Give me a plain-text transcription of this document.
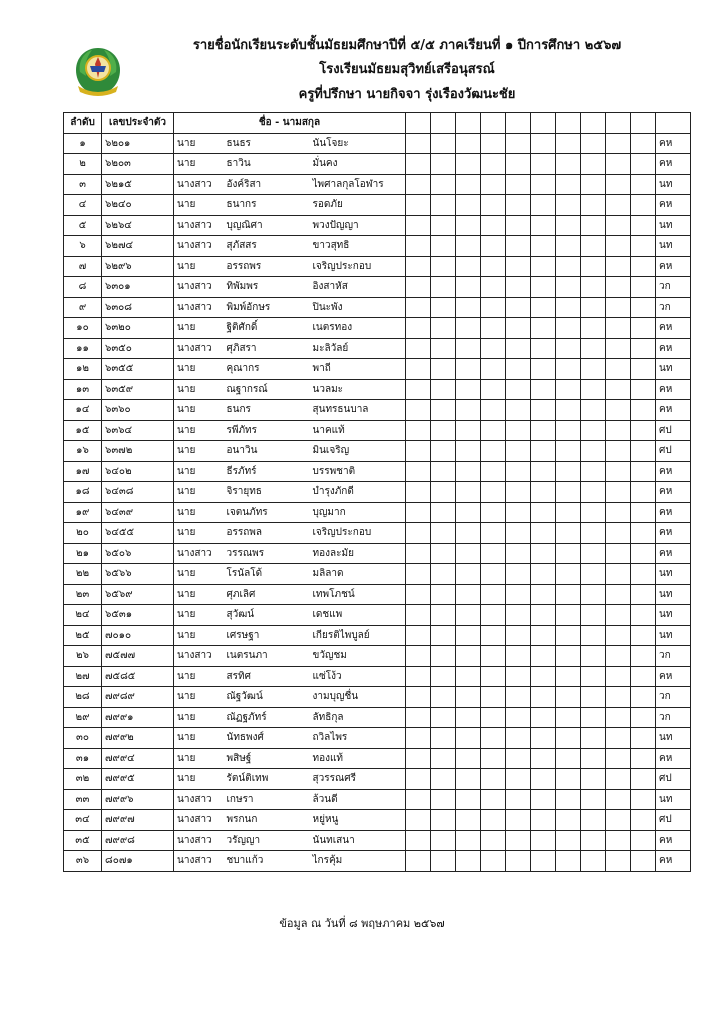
รายชื่อนักเรียนระดับชั้นมัธยมศึกษาปีที่ ๕/๕ ภาคเรียนที่ ๑ ปีการศึกษา ๒๕๖๗
โรงเรียนมัธยมสุวิทย์เสรีอนุสรณ์
ครูที่ปรึกษา นายกิจจา รุ่งเรืองวัฒนะชัย
ลำดับ	เลขประจำตัว	ชื่อ - นามสกุล													
๑	๖๒๐๑	นาย	ธนธร	นันโจยะ											คห
๒	๖๒๐๓	นาย	ธาวิน	มั่นคง											คห
๓	๖๒๑๕	นางสาว	อังค์ริสา	ไพศาลกุลโอฬาร											นท
๔	๖๒๔๐	นาย	ธนากร	รอดภัย											คห
๕	๖๒๖๔	นางสาว	บุญณิศา	พวงปัญญา											นท
๖	๖๒๗๔	นางสาว	สุภัสสร	ขาวสุทธิ											นท
๗	๖๒๙๖	นาย	อรรถพร	เจริญประกอบ											คห
๘	๖๓๐๑	นางสาว	ทิพัมพร	อิงสาหัส											วก
๙	๖๓๐๘	นางสาว	พิมพ์อักษร	ปินะพัง											วก
๑๐	๖๓๒๐	นาย	ฐิติศักดิ์	เนตรทอง											คห
๑๑	๖๓๕๐	นางสาว	ศุภิสรา	มะลิวัลย์											คห
๑๒	๖๓๕๕	นาย	คุณากร	พาถี											นท
๑๓	๖๓๕๙	นาย	ณฐากรณ์	นวลมะ											คห
๑๔	๖๓๖๐	นาย	ธนกร	สุนทรธนบาล											คห
๑๕	๖๓๖๔	นาย	รพีภัทร	นาคแท้											ศป
๑๖	๖๓๗๒	นาย	อนาวิน	มินเจริญ											ศป
๑๗	๖๔๐๒	นาย	ธีรภัทร์	บรรพชาติ											คห
๑๘	๖๔๓๘	นาย	จิรายุทธ	บำรุงภักดี											คห
๑๙	๖๔๓๙	นาย	เจตนภัทร	บุญมาก											คห
๒๐	๖๔๕๕	นาย	อรรถพล	เจริญประกอบ											คห
๒๑	๖๕๐๖	นางสาว	วรรณพร	ทองละมัย											คห
๒๒	๖๕๖๖	นาย	โรนัลโด้	มลิลาด											นท
๒๓	๖๕๖๙	นาย	ศุภเลิศ	เทพโภชน์											นท
๒๔	๖๕๓๑	นาย	สุวัฒน์	เดชแพ											นท
๒๕	๗๐๑๐	นาย	เศรษฐา	เกียรติไพบูลย์											นท
๒๖	๗๕๗๗	นางสาว	เนตรนภา	ขวัญชม											วก
๒๗	๗๕๘๕	นาย	สรทิศ	แซ่โง้ว											คห
๒๘	๗๙๘๙	นาย	ณัฐวัฒน์	งามบุญชื่น											วก
๒๙	๗๙๙๑	นาย	ณัฏฐภัทร์	ลัทธิกุล											วก
๓๐	๗๙๙๒	นาย	นัทธพงศ์	ถวิลไพร											นท
๓๑	๗๙๙๔	นาย	พสิษฐ์	ทองแท้											คห
๓๒	๗๙๙๕	นาย	รัตน์ติเทพ	สุวรรณศรี											ศป
๓๓	๗๙๙๖	นางสาว	เกษรา	ล้วนดี											นท
๓๔	๗๙๙๗	นางสาว	พรกนก	หยู่หนู											ศป
๓๕	๗๙๙๘	นางสาว	วรัญญา	นันทเสนา											คห
๓๖	๘๐๗๑	นางสาว	ชบาแก้ว	ไกรคุ้ม											คห
ข้อมูล ณ วันที่ ๘ พฤษภาคม ๒๕๖๗
